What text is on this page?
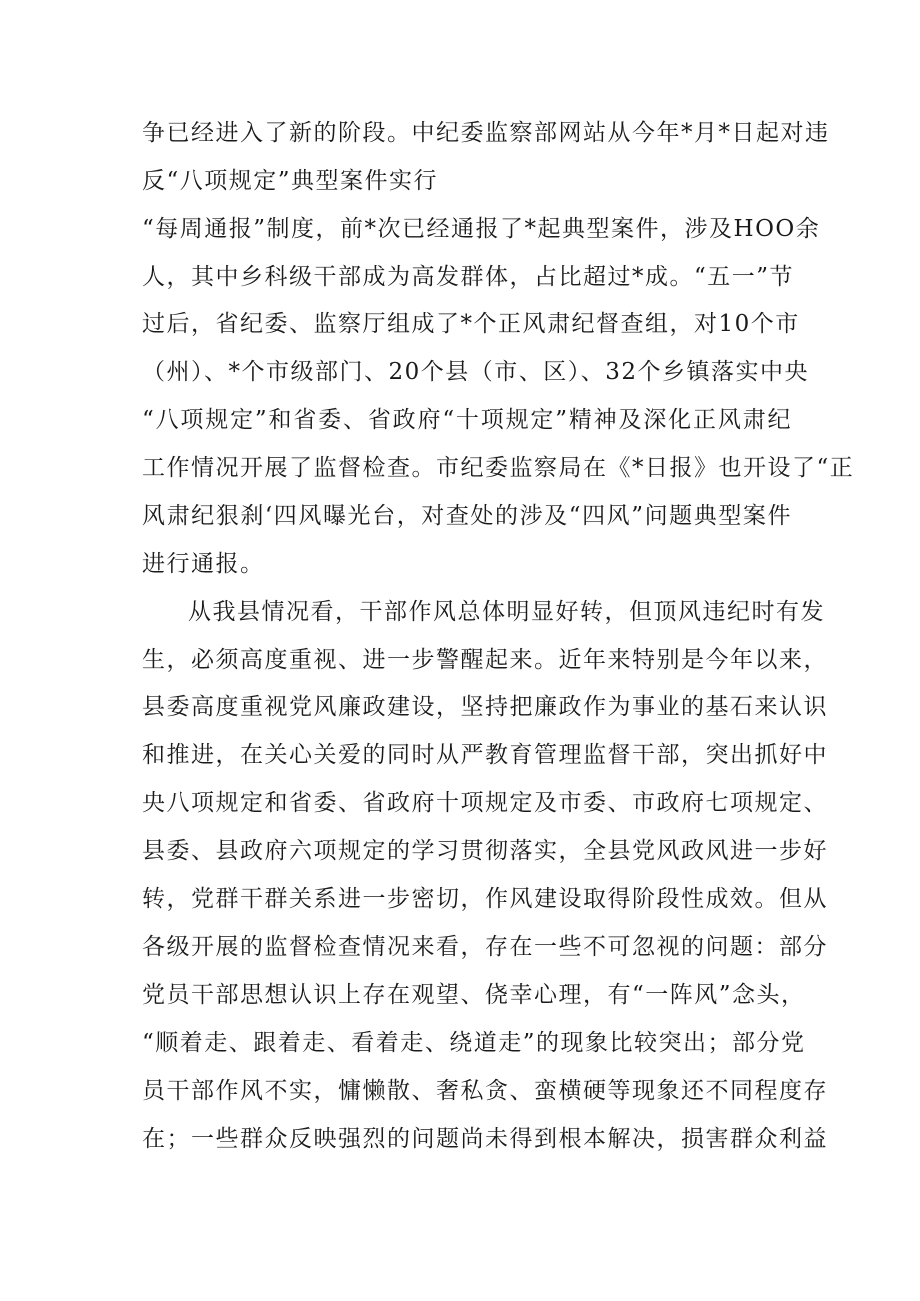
争已经进入了新的阶段。中纪委监察部网站从今年*月*日起对违
反“八项规定”典型案件实行
“每周通报”制度，前*次已经通报了*起典型案件，涉及HOO余
人，其中乡科级干部成为高发群体，占比超过*成。“五一”节
过后，省纪委、监察厅组成了*个正风肃纪督查组，对10个市
（州）、*个市级部门、20个县（市、区）、32个乡镇落实中央
“八项规定”和省委、省政府“十项规定”精神及深化正风肃纪
工作情况开展了监督检查。市纪委监察局在《*日报》也开设了“正
风肃纪狠刹‘四风曝光台，对查处的涉及“四风”问题典型案件
进行通报。
从我县情况看，干部作风总体明显好转，但顶风违纪时有发
生，必须高度重视、进一步警醒起来。近年来特别是今年以来，
县委高度重视党风廉政建设，坚持把廉政作为事业的基石来认识
和推进，在关心关爱的同时从严教育管理监督干部，突出抓好中
央八项规定和省委、省政府十项规定及市委、市政府七项规定、
县委、县政府六项规定的学习贯彻落实，全县党风政风进一步好
转，党群干群关系进一步密切，作风建设取得阶段性成效。但从
各级开展的监督检查情况来看，存在一些不可忽视的问题：部分
党员干部思想认识上存在观望、侥幸心理，有“一阵风”念头，
“顺着走、跟着走、看着走、绕道走”的现象比较突出；部分党
员干部作风不实，慵懒散、奢私贪、蛮横硬等现象还不同程度存
在；一些群众反映强烈的问题尚未得到根本解决，损害群众利益
